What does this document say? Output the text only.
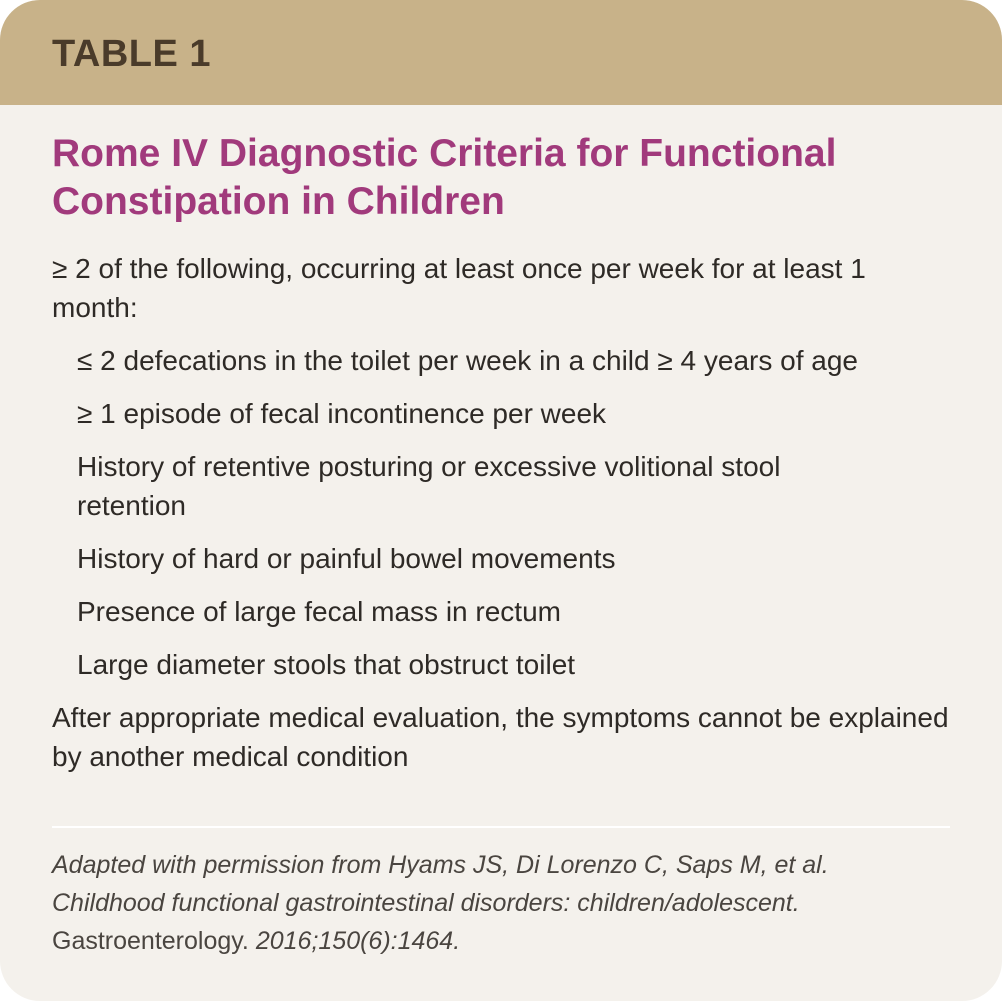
TABLE 1
Rome IV Diagnostic Criteria for Functional
Constipation in Children

≥ 2 of the following, occurring at least once per week for at least 1 month:

≤ 2 defecations in the toilet per week in a child ≥ 4 years of age

≥ 1 episode of fecal incontinence per week

History of retentive posturing or excessive volitional stool retention

History of hard or painful bowel movements

Presence of large fecal mass in rectum

Large diameter stools that obstruct toilet

After appropriate medical evaluation, the symptoms cannot be explained by another medical condition

Adapted with permission from Hyams JS, Di Lorenzo C, Saps M, et al.
Childhood functional gastrointestinal disorders: children/adolescent.
Gastroenterology. 2016;150(6):1464.
